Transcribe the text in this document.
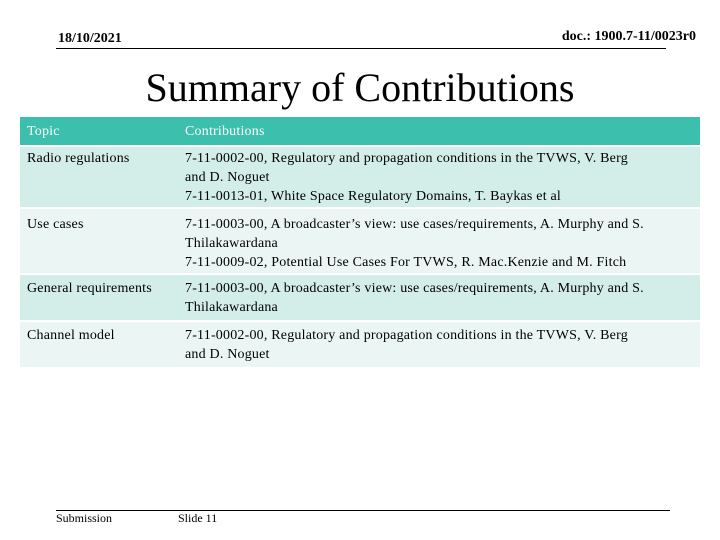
18/10/2021	doc.: 1900.7-11/0023r0
Summary of Contributions
Topic	Contributions
Radio regulations	7-11-0002-00, Regulatory and propagation conditions in the TVWS, V. Berg
and D. Noguet
7-11-0013-01, White Space Regulatory Domains, T. Baykas et al

Use cases	7-11-0003-00, A broadcaster’s view: use cases/requirements, A. Murphy and S.
Thilakawardana
7-11-0009-02, Potential Use Cases For TVWS, R. Mac.Kenzie and M. Fitch

General requirements	7-11-0003-00, A broadcaster’s view: use cases/requirements, A. Murphy and S.
Thilakawardana

Channel model	7-11-0002-00, Regulatory and propagation conditions in the TVWS, V. Berg
and D. Noguet
Submission	Slide 11
